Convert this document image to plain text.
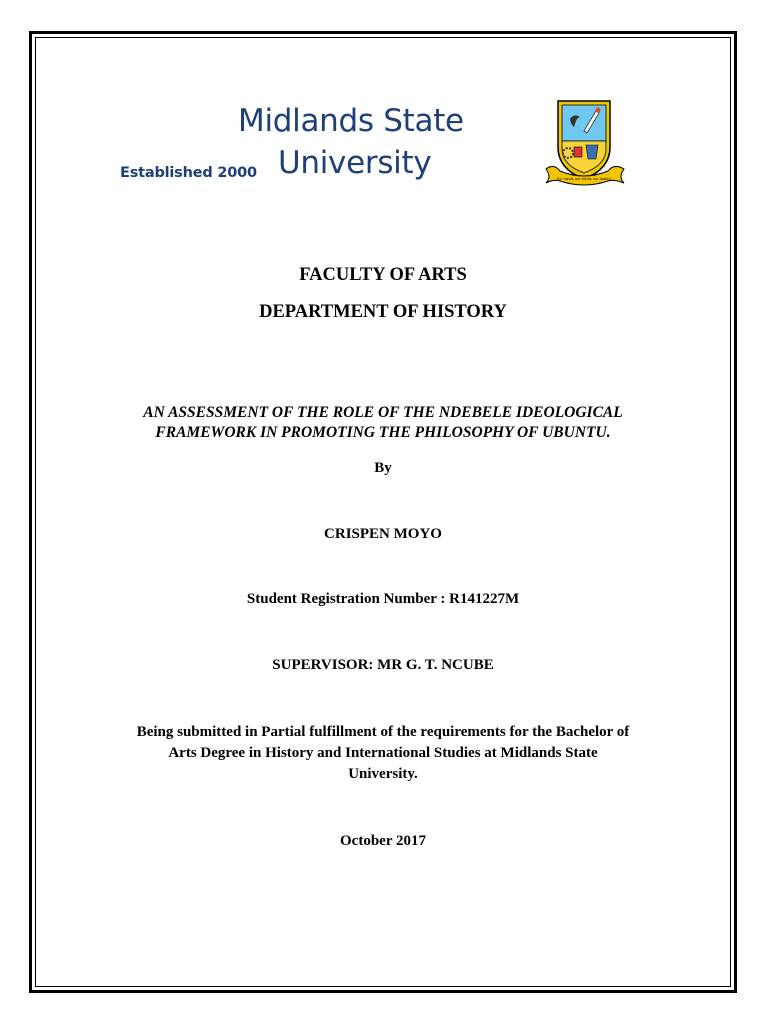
Midlands State
University
Established 2000	Our hands, our minds, our destiny
FACULTY OF ARTS
DEPARTMENT OF HISTORY
AN ASSESSMENT OF THE ROLE OF THE NDEBELE IDEOLOGICAL
FRAMEWORK IN PROMOTING THE PHILOSOPHY OF UBUNTU.
By
CRISPEN MOYO
Student Registration Number : R141227M
SUPERVISOR: MR G. T. NCUBE
Being submitted in Partial fulfillment of the requirements for the Bachelor of
Arts Degree in History and International Studies at Midlands State
University.
October 2017
